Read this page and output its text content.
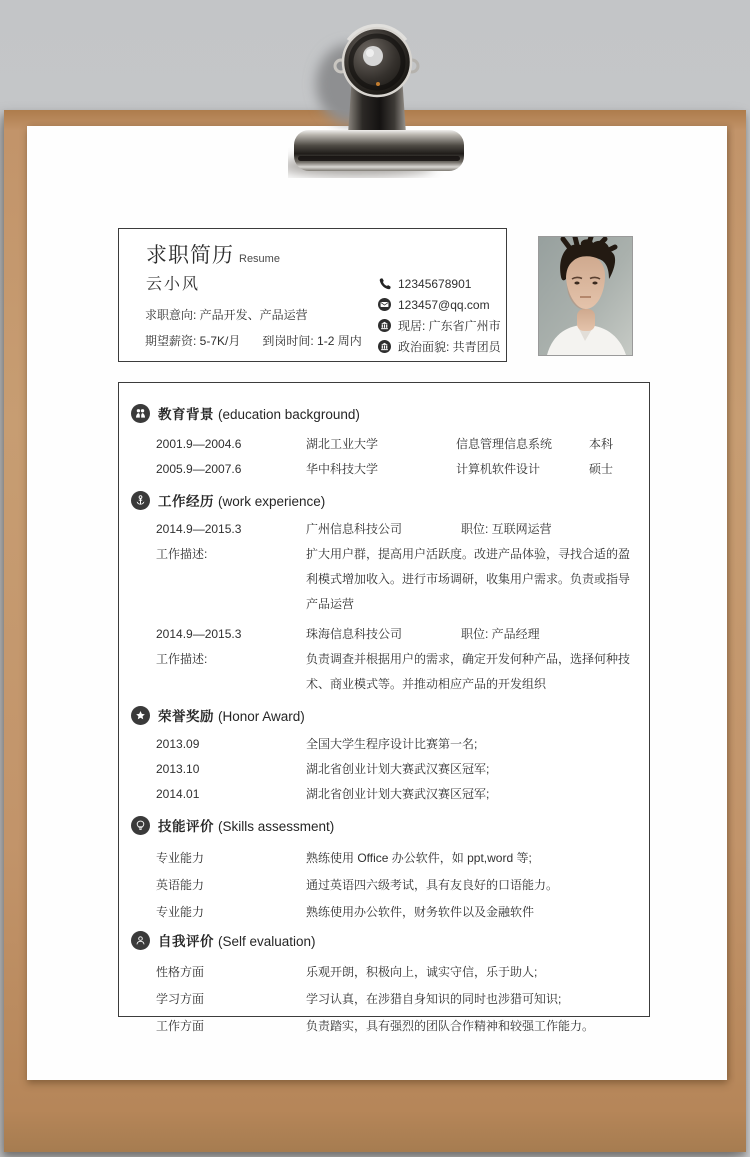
求职简历 Resume
云小风
求职意向: 产品开发、产品运营
期望薪资: 5-7K/月 到岗时间: 1-2 周内
12345678901
123457@qq.com
现居: 广东省广州市
政治面貌: 共青团员
教育背景 (education background)
2001.9—2004.6	湖北工业大学	信息管理信息系统	本科
2005.9—2007.6	华中科技大学	计算机软件设计	硕士
工作经历 (work experience)
2014.9—2015.3	广州信息科技公司	职位: 互联网运营
工作描述:	扩大用户群，提高用户活跃度。改进产品体验，寻找合适的盈利模式增加收入。进行市场调研，收集用户需求。负责或指导产品运营
2014.9—2015.3	珠海信息科技公司	职位: 产品经理
工作描述:	负责调查并根据用户的需求，确定开发何种产品，选择何种技术、商业模式等。并推动相应产品的开发组织
荣誉奖励 (Honor Award)
2013.09	全国大学生程序设计比赛第一名;
2013.10	湖北省创业计划大赛武汉赛区冠军;
2014.01	湖北省创业计划大赛武汉赛区冠军;
技能评价 (Skills assessment)
专业能力	熟练使用 Office 办公软件，如 ppt,word 等;
英语能力	通过英语四六级考试，具有友良好的口语能力。
专业能力	熟练使用办公软件，财务软件以及金融软件
自我评价 (Self evaluation)
性格方面	乐观开朗，积极向上，诚实守信，乐于助人;
学习方面	学习认真，在涉猎自身知识的同时也涉猎可知识;
工作方面	负责踏实，具有强烈的团队合作精神和较强工作能力。
